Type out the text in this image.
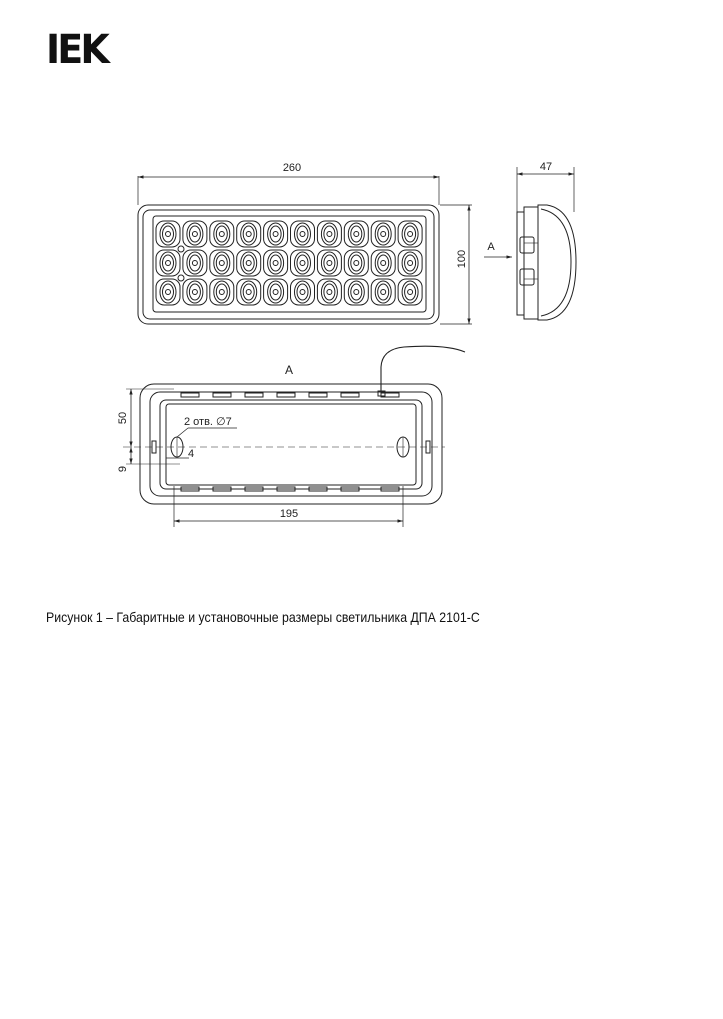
IEK
260
100
A
47
A
50
9
2 отв. ∅7
4
195
Рисунок 1 – Габаритные и установочные размеры светильника ДПА 2101-С
